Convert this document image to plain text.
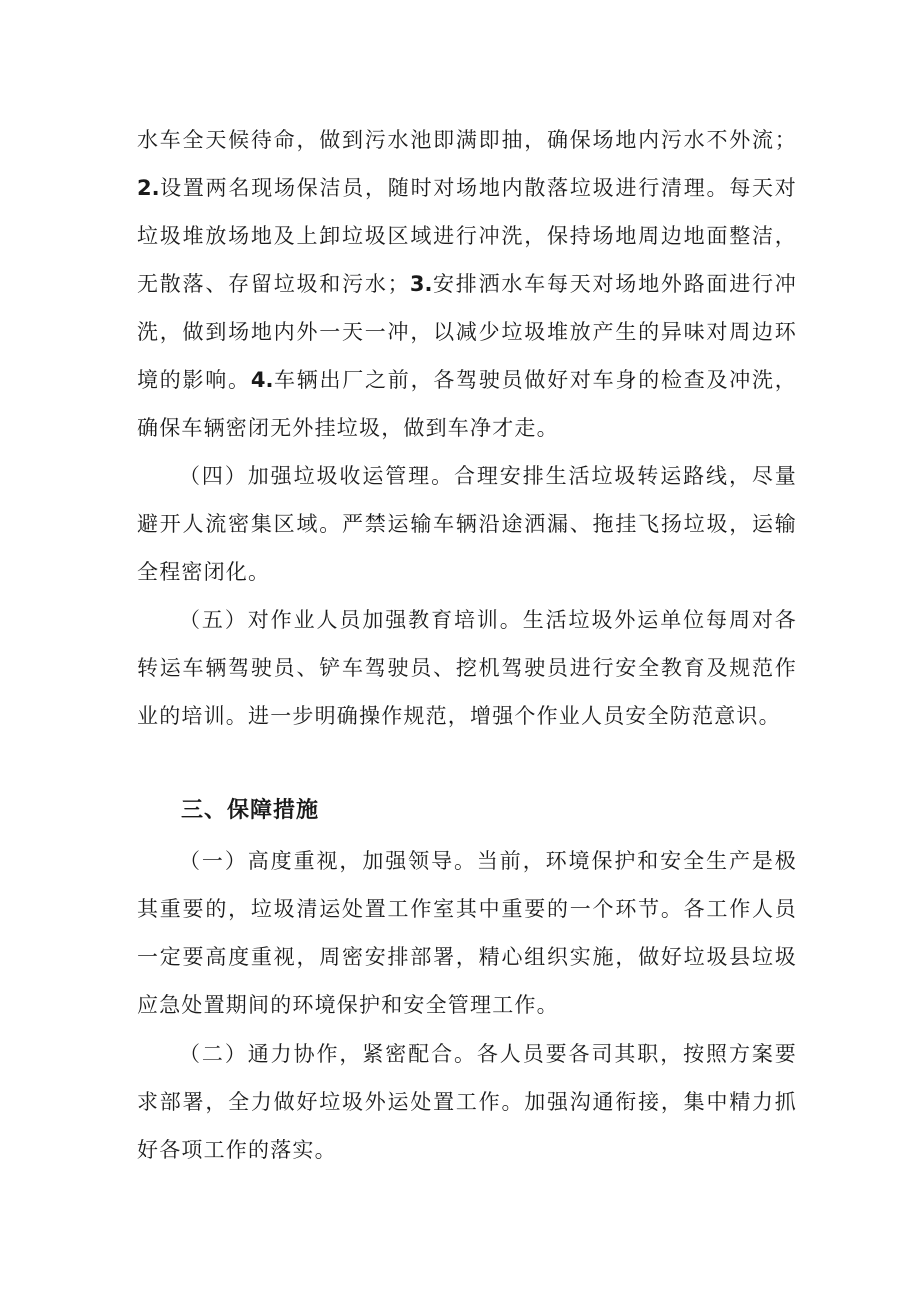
水车全天候待命，做到污水池即满即抽，确保场地内污水不外流；2.设置两名现场保洁员，随时对场地内散落垃圾进行清理。每天对垃圾堆放场地及上卸垃圾区域进行冲洗，保持场地周边地面整洁，无散落、存留垃圾和污水；3.安排洒水车每天对场地外路面进行冲洗，做到场地内外一天一冲，以减少垃圾堆放产生的异味对周边环境的影响。4.车辆出厂之前，各驾驶员做好对车身的检查及冲洗，确保车辆密闭无外挂垃圾，做到车净才走。

（四）加强垃圾收运管理。合理安排生活垃圾转运路线，尽量避开人流密集区域。严禁运输车辆沿途洒漏、拖挂飞扬垃圾，运输全程密闭化。

（五）对作业人员加强教育培训。生活垃圾外运单位每周对各转运车辆驾驶员、铲车驾驶员、挖机驾驶员进行安全教育及规范作业的培训。进一步明确操作规范，增强个作业人员安全防范意识。

三、保障措施

（一）高度重视，加强领导。当前，环境保护和安全生产是极其重要的，垃圾清运处置工作室其中重要的一个环节。各工作人员一定要高度重视，周密安排部署，精心组织实施，做好垃圾县垃圾应急处置期间的环境保护和安全管理工作。

（二）通力协作，紧密配合。各人员要各司其职，按照方案要求部署，全力做好垃圾外运处置工作。加强沟通衔接，集中精力抓好各项工作的落实。
